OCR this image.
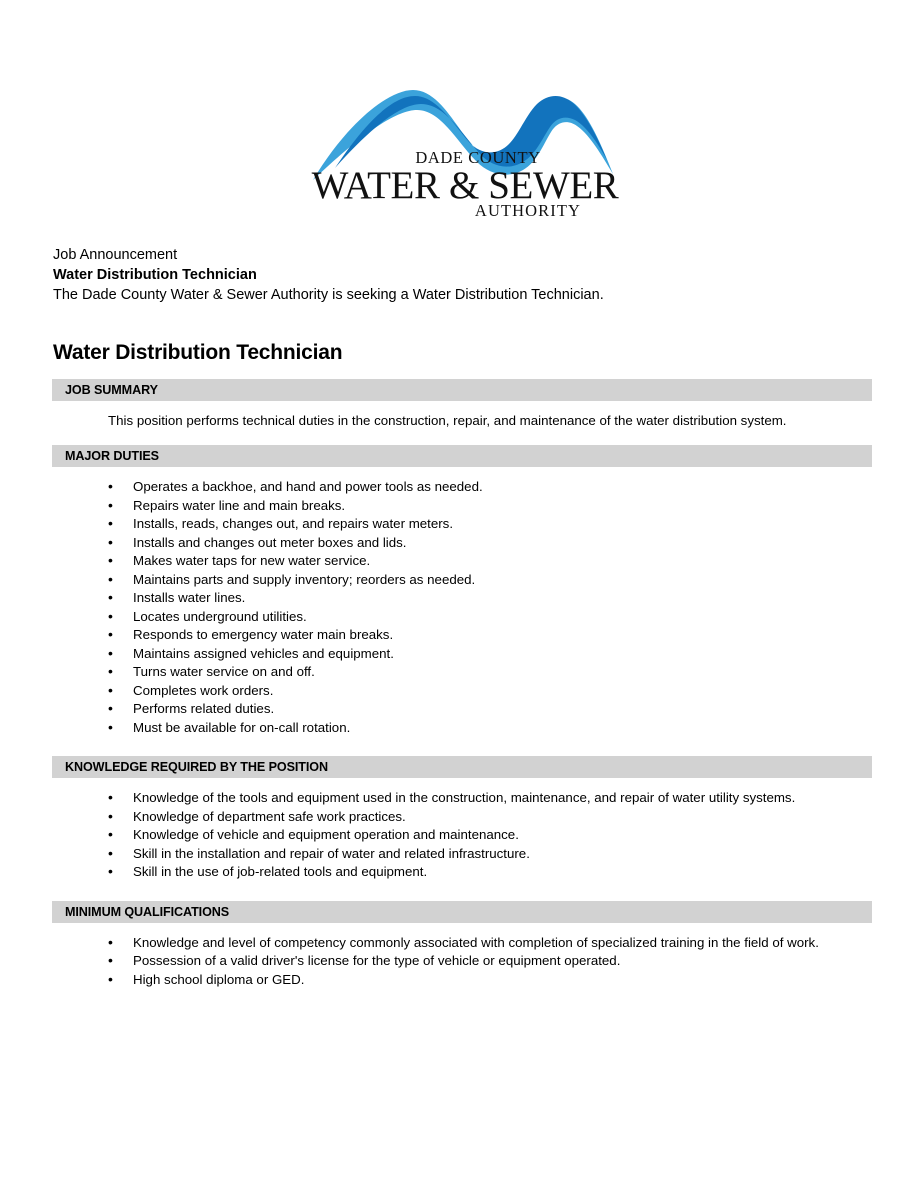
DADE COUNTY
WATER & SEWER
AUTHORITY
Job Announcement
Water Distribution Technician
The Dade County Water & Sewer Authority is seeking a Water Distribution Technician.
Water Distribution Technician
JOB SUMMARY

This position performs technical duties in the construction, repair, and maintenance of the water distribution system.

MAJOR DUTIES
• Operates a backhoe, and hand and power tools as needed.
• Repairs water line and main breaks.
• Installs, reads, changes out, and repairs water meters.
• Installs and changes out meter boxes and lids.
• Makes water taps for new water service.
• Maintains parts and supply inventory; reorders as needed.
• Installs water lines.
• Locates underground utilities.
• Responds to emergency water main breaks.
• Maintains assigned vehicles and equipment.
• Turns water service on and off.
• Completes work orders.
• Performs related duties.
• Must be available for on-call rotation.
KNOWLEDGE REQUIRED BY THE POSITION
• Knowledge of the tools and equipment used in the construction, maintenance, and repair of water utility systems.
• Knowledge of department safe work practices.
• Knowledge of vehicle and equipment operation and maintenance.
• Skill in the installation and repair of water and related infrastructure.
• Skill in the use of job-related tools and equipment.
MINIMUM QUALIFICATIONS
• Knowledge and level of competency commonly associated with completion of specialized training in the field of work.
• Possession of a valid driver's license for the type of vehicle or equipment operated.
• High school diploma or GED.
